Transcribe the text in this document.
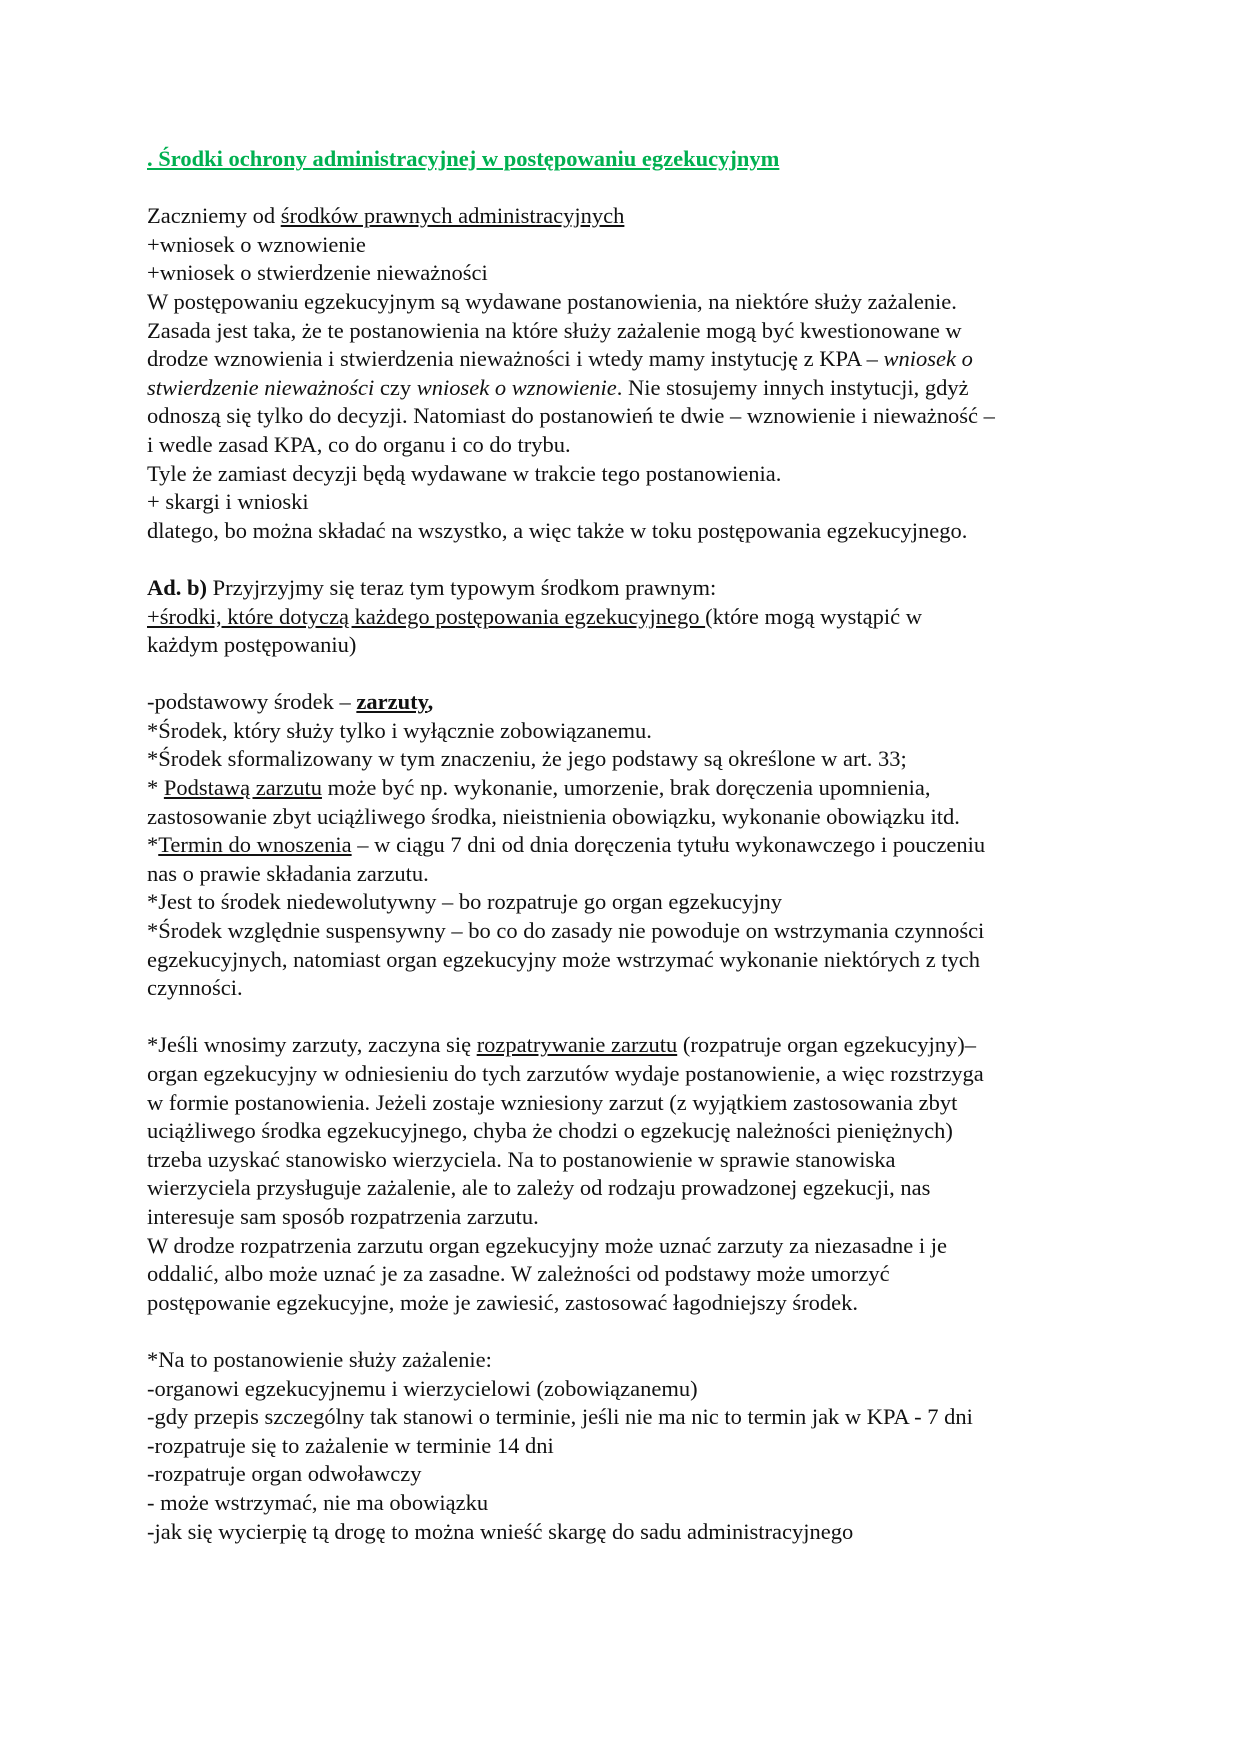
. Środki ochrony administracyjnej w postępowaniu egzekucyjnym

Zaczniemy od środków prawnych administracyjnych

+wniosek o wznowienie

+wniosek o stwierdzenie nieważności

W postępowaniu egzekucyjnym są wydawane postanowienia, na niektóre służy zażalenie.

Zasada jest taka, że te postanowienia na które służy zażalenie mogą być kwestionowane w

drodze wznowienia i stwierdzenia nieważności i wtedy mamy instytucję z KPA – wniosek o

stwierdzenie nieważności czy wniosek o wznowienie. Nie stosujemy innych instytucji, gdyż

odnoszą się tylko do decyzji. Natomiast do postanowień te dwie – wznowienie i nieważność –

i wedle zasad KPA, co do organu i co do trybu.

Tyle że zamiast decyzji będą wydawane w trakcie tego postanowienia.

+ skargi i wnioski

dlatego, bo można składać na wszystko, a więc także w toku postępowania egzekucyjnego.

Ad. b) Przyjrzyjmy się teraz tym typowym środkom prawnym:

+środki, które dotyczą każdego postępowania egzekucyjnego (które mogą wystąpić w

każdym postępowaniu)

-podstawowy środek – zarzuty,

*Środek, który służy tylko i wyłącznie zobowiązanemu.

*Środek sformalizowany w tym znaczeniu, że jego podstawy są określone w art. 33;

* Podstawą zarzutu może być np. wykonanie, umorzenie, brak doręczenia upomnienia,

zastosowanie zbyt uciążliwego środka, nieistnienia obowiązku, wykonanie obowiązku itd.

*Termin do wnoszenia – w ciągu 7 dni od dnia doręczenia tytułu wykonawczego i pouczeniu

nas o prawie składania zarzutu.

*Jest to środek niedewolutywny – bo rozpatruje go organ egzekucyjny

*Środek względnie suspensywny – bo co do zasady nie powoduje on wstrzymania czynności

egzekucyjnych, natomiast organ egzekucyjny może wstrzymać wykonanie niektórych z tych

czynności.

*Jeśli wnosimy zarzuty, zaczyna się rozpatrywanie zarzutu (rozpatruje organ egzekucyjny)–

organ egzekucyjny w odniesieniu do tych zarzutów wydaje postanowienie, a więc rozstrzyga

w formie postanowienia. Jeżeli zostaje wzniesiony zarzut (z wyjątkiem zastosowania zbyt

uciążliwego środka egzekucyjnego, chyba że chodzi o egzekucję należności pieniężnych)

trzeba uzyskać stanowisko wierzyciela. Na to postanowienie w sprawie stanowiska

wierzyciela przysługuje zażalenie, ale to zależy od rodzaju prowadzonej egzekucji, nas

interesuje sam sposób rozpatrzenia zarzutu.

W drodze rozpatrzenia zarzutu organ egzekucyjny może uznać zarzuty za niezasadne i je

oddalić, albo może uznać je za zasadne. W zależności od podstawy może umorzyć

postępowanie egzekucyjne, może je zawiesić, zastosować łagodniejszy środek.

*Na to postanowienie służy zażalenie:

-organowi egzekucyjnemu i wierzycielowi (zobowiązanemu)

-gdy przepis szczególny tak stanowi o terminie, jeśli nie ma nic to termin jak w KPA - 7 dni

-rozpatruje się to zażalenie w terminie 14 dni

-rozpatruje organ odwoławczy

- może wstrzymać, nie ma obowiązku

-jak się wycierpię tą drogę to można wnieść skargę do sadu administracyjnego
